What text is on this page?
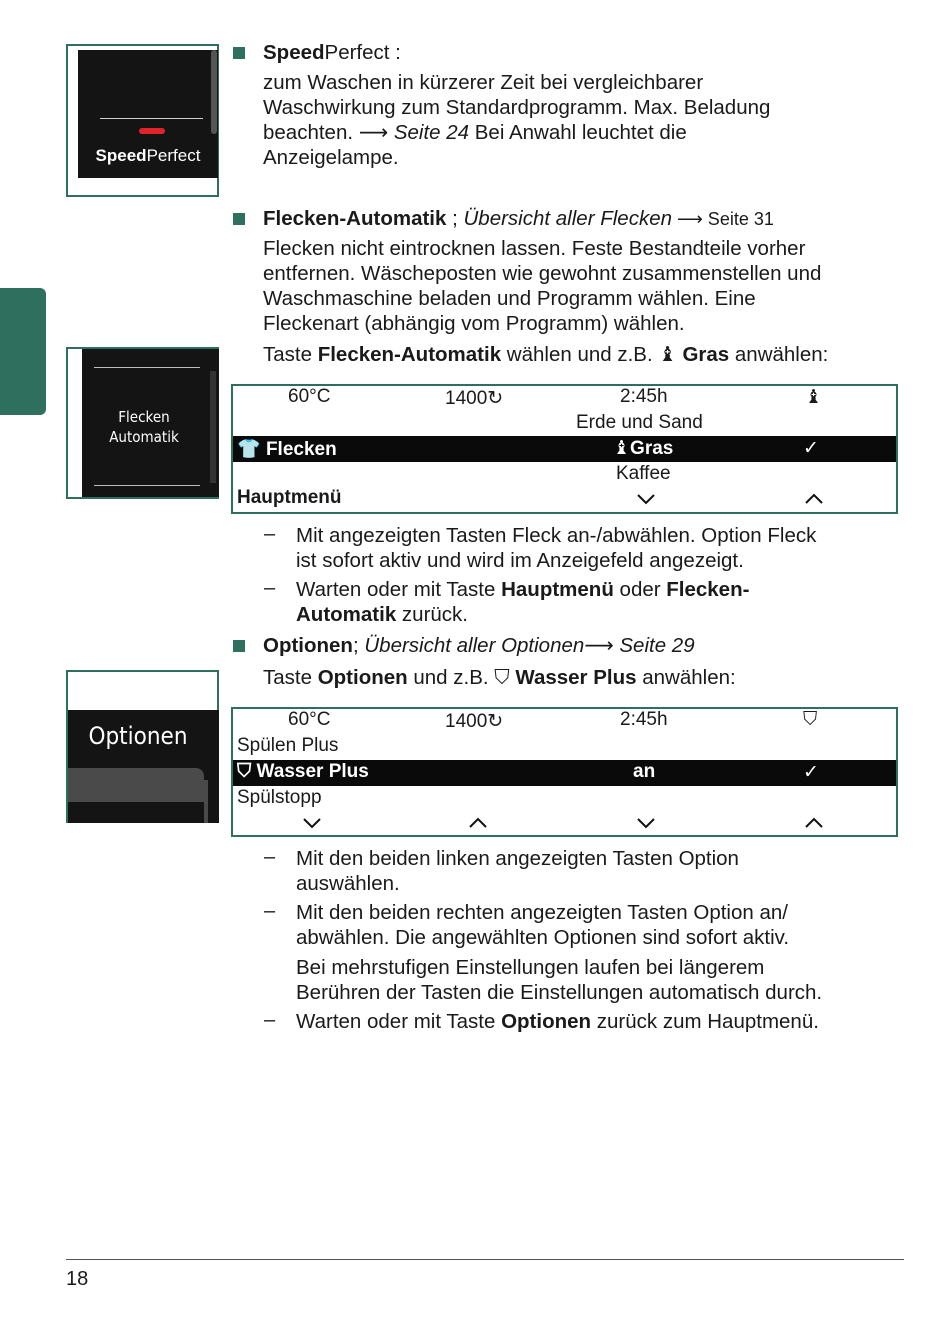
SpeedPerfect
Flecken
Automatik
Optionen
SpeedPerfect :
zum Waschen in kürzerer Zeit bei vergleichbarer
Waschwirkung zum Standardprogramm. Max. Beladung
beachten. ⟶ Seite 24 Bei Anwahl leuchtet die
Anzeigelampe.
Flecken-Automatik ; Übersicht aller Flecken ⟶ Seite 31
Flecken nicht eintrocknen lassen. Feste Bestandteile vorher
entfernen. Wäscheposten wie gewohnt zusammenstellen und
Waschmaschine beladen und Programm wählen. Eine
Fleckenart (abhängig vom Programm) wählen.
Taste Flecken-Automatik wählen und z.B. ♝ Gras anwählen:
60°C	1400↻	2:45h	♝
Erde und Sand
👕 Flecken	♝Gras	✓
Kaffee
Hauptmenü
– Mit angezeigten Tasten Fleck an-/abwählen. Option Fleck
ist sofort aktiv und wird im Anzeigefeld angezeigt.
– Warten oder mit Taste Hauptmenü oder Flecken-
Automatik zurück.
Optionen; Übersicht aller Optionen⟶ Seite 29
Taste Optionen und z.B. ⛉ Wasser Plus anwählen:
60°C	1400↻	2:45h	⛉
Spülen Plus
⛉ Wasser Plus	an	✓
Spülstopp
– Mit den beiden linken angezeigten Tasten Option
auswählen.
– Mit den beiden rechten angezeigten Tasten Option an/
abwählen. Die angewählten Optionen sind sofort aktiv.
Bei mehrstufigen Einstellungen laufen bei längerem
Berühren der Tasten die Einstellungen automatisch durch.
– Warten oder mit Taste Optionen zurück zum Hauptmenü.
18
